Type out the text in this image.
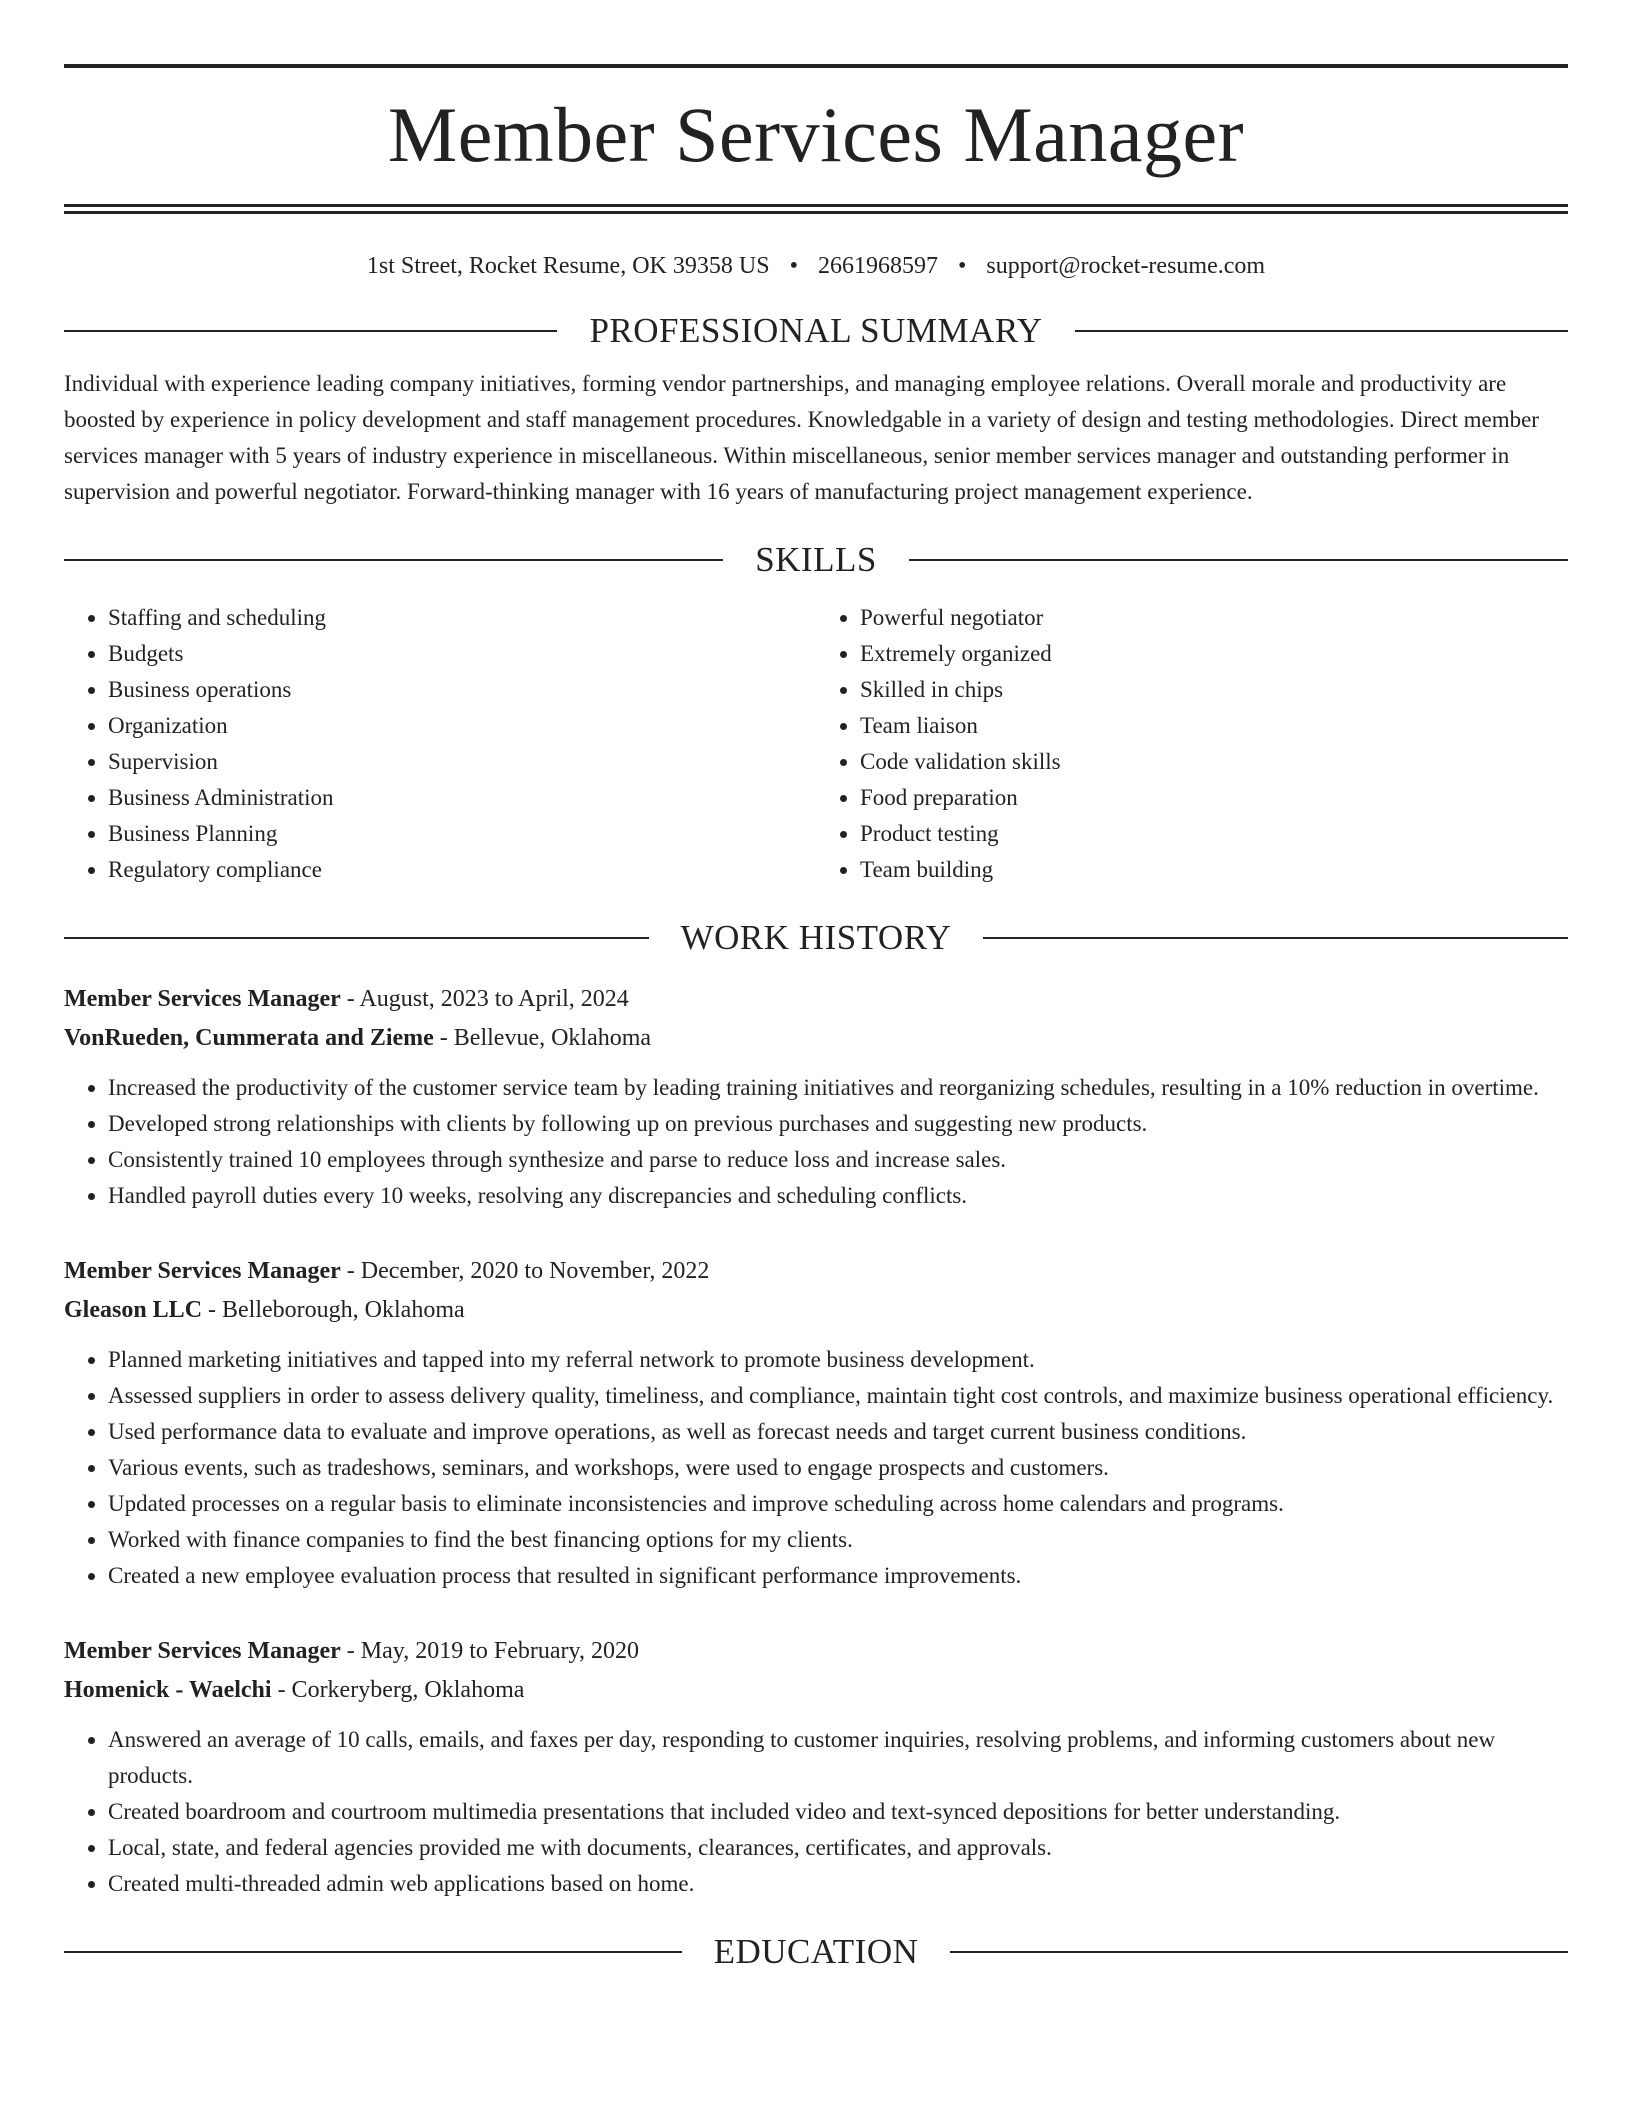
Member Services Manager
1st Street, Rocket Resume, OK 39358 US • 2661968597 • support@rocket-resume.com
PROFESSIONAL SUMMARY
Individual with experience leading company initiatives, forming vendor partnerships, and managing employee relations. Overall morale and productivity are boosted by experience in policy development and staff management procedures. Knowledgable in a variety of design and testing methodologies. Direct member services manager with 5 years of industry experience in miscellaneous. Within miscellaneous, senior member services manager and outstanding performer in supervision and powerful negotiator. Forward-thinking manager with 16 years of manufacturing project management experience.
SKILLS
• Staffing and scheduling
• Budgets
• Business operations
• Organization
• Supervision
• Business Administration
• Business Planning
• Regulatory compliance
• Powerful negotiator
• Extremely organized
• Skilled in chips
• Team liaison
• Code validation skills
• Food preparation
• Product testing
• Team building
WORK HISTORY
Member Services Manager - August, 2023 to April, 2024
VonRueden, Cummerata and Zieme - Bellevue, Oklahoma
• Increased the productivity of the customer service team by leading training initiatives and reorganizing schedules, resulting in a 10% reduction in overtime.
• Developed strong relationships with clients by following up on previous purchases and suggesting new products.
• Consistently trained 10 employees through synthesize and parse to reduce loss and increase sales.
• Handled payroll duties every 10 weeks, resolving any discrepancies and scheduling conflicts.
Member Services Manager - December, 2020 to November, 2022
Gleason LLC - Belleborough, Oklahoma
• Planned marketing initiatives and tapped into my referral network to promote business development.
• Assessed suppliers in order to assess delivery quality, timeliness, and compliance, maintain tight cost controls, and maximize business operational efficiency.
• Used performance data to evaluate and improve operations, as well as forecast needs and target current business conditions.
• Various events, such as tradeshows, seminars, and workshops, were used to engage prospects and customers.
• Updated processes on a regular basis to eliminate inconsistencies and improve scheduling across home calendars and programs.
• Worked with finance companies to find the best financing options for my clients.
• Created a new employee evaluation process that resulted in significant performance improvements.
Member Services Manager - May, 2019 to February, 2020
Homenick - Waelchi - Corkeryberg, Oklahoma
• Answered an average of 10 calls, emails, and faxes per day, responding to customer inquiries, resolving problems, and informing customers about new products.
• Created boardroom and courtroom multimedia presentations that included video and text-synced depositions for better understanding.
• Local, state, and federal agencies provided me with documents, clearances, certificates, and approvals.
• Created multi-threaded admin web applications based on home.
EDUCATION
